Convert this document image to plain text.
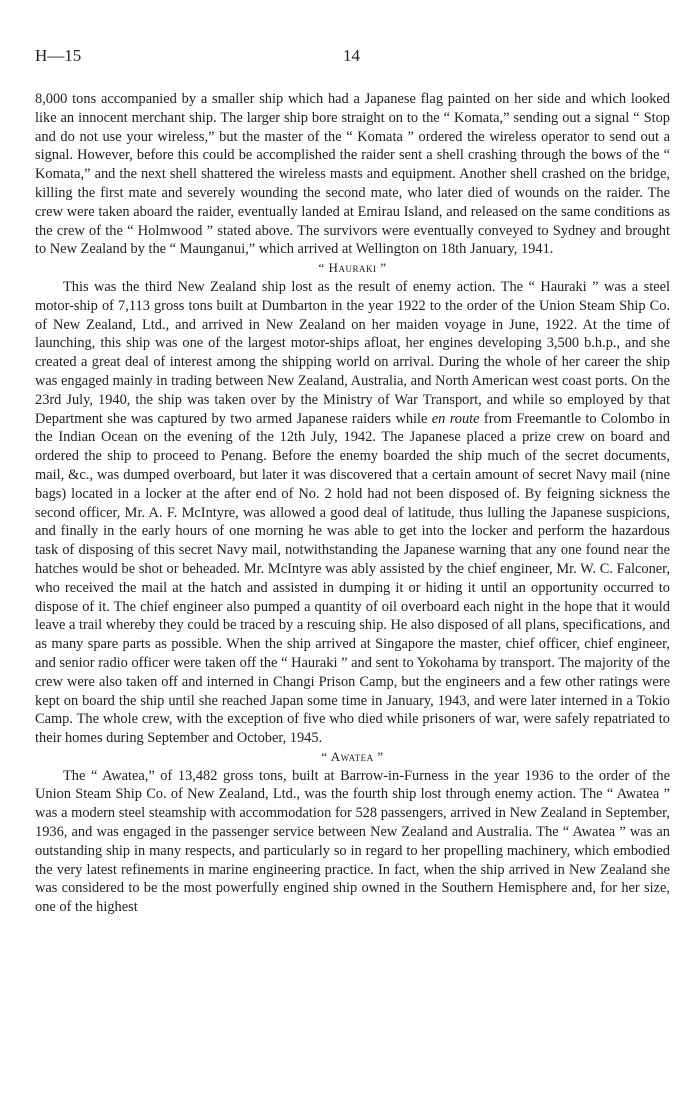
H—15	14

8,000 tons accompanied by a smaller ship which had a Japanese flag painted on her side and which looked like an innocent merchant ship. The larger ship bore straight on to the “ Komata,” sending out a signal “ Stop and do not use your wireless,” but the master of the “ Komata ” ordered the wireless operator to send out a signal. However, before this could be accomplished the raider sent a shell crashing through the bows of the “ Komata,” and the next shell shattered the wireless masts and equipment. Another shell crashed on the bridge, killing the first mate and severely wounding the second mate, who later died of wounds on the raider. The crew were taken aboard the raider, eventually landed at Emirau Island, and released on the same conditions as the crew of the “ Holmwood ” stated above. The survivors were eventually conveyed to Sydney and brought to New Zealand by the “ Maunganui,” which arrived at Wellington on 18th January, 1941.

“ Hauraki ”

This was the third New Zealand ship lost as the result of enemy action. The “ Hauraki ” was a steel motor-ship of 7,113 gross tons built at Dumbarton in the year 1922 to the order of the Union Steam Ship Co. of New Zealand, Ltd., and arrived in New Zealand on her maiden voyage in June, 1922. At the time of launching, this ship was one of the largest motor-ships afloat, her engines developing 3,500 b.h.p., and she created a great deal of interest among the shipping world on arrival. During the whole of her career the ship was engaged mainly in trading between New Zealand, Australia, and North American west coast ports. On the 23rd July, 1940, the ship was taken over by the Ministry of War Transport, and while so employed by that Department she was captured by two armed Japanese raiders while en route from Freemantle to Colombo in the Indian Ocean on the evening of the 12th July, 1942. The Japanese placed a prize crew on board and ordered the ship to proceed to Penang. Before the enemy boarded the ship much of the secret documents, mail, &c., was dumped overboard, but later it was discovered that a certain amount of secret Navy mail (nine bags) located in a locker at the after end of No. 2 hold had not been disposed of. By feigning sickness the second officer, Mr. A. F. McIntyre, was allowed a good deal of latitude, thus lulling the Japanese suspicions, and finally in the early hours of one morning he was able to get into the locker and perform the hazardous task of disposing of this secret Navy mail, notwithstanding the Japanese warning that any one found near the hatches would be shot or beheaded. Mr. McIntyre was ably assisted by the chief engineer, Mr. W. C. Falconer, who received the mail at the hatch and assisted in dumping it or hiding it until an opportunity occurred to dispose of it. The chief engineer also pumped a quantity of oil overboard each night in the hope that it would leave a trail whereby they could be traced by a rescuing ship. He also disposed of all plans, specifications, and as many spare parts as possible. When the ship arrived at Singapore the master, chief officer, chief engineer, and senior radio officer were taken off the “ Hauraki ” and sent to Yokohama by transport. The majority of the crew were also taken off and interned in Changi Prison Camp, but the engineers and a few other ratings were kept on board the ship until she reached Japan some time in January, 1943, and were later interned in a Tokio Camp. The whole crew, with the exception of five who died while prisoners of war, were safely repatriated to their homes during September and October, 1945.

“ Awatea ”

The “ Awatea,” of 13,482 gross tons, built at Barrow-in-Furness in the year 1936 to the order of the Union Steam Ship Co. of New Zealand, Ltd., was the fourth ship lost through enemy action. The “ Awatea ” was a modern steel steamship with accommodation for 528 passengers, arrived in New Zealand in September, 1936, and was engaged in the passenger service between New Zealand and Australia. The “ Awatea ” was an outstanding ship in many respects, and particularly so in regard to her propelling machinery, which embodied the very latest refinements in marine engineering practice. In fact, when the ship arrived in New Zealand she was considered to be the most powerfully engined ship owned in the Southern Hemisphere and, for her size, one of the highest
